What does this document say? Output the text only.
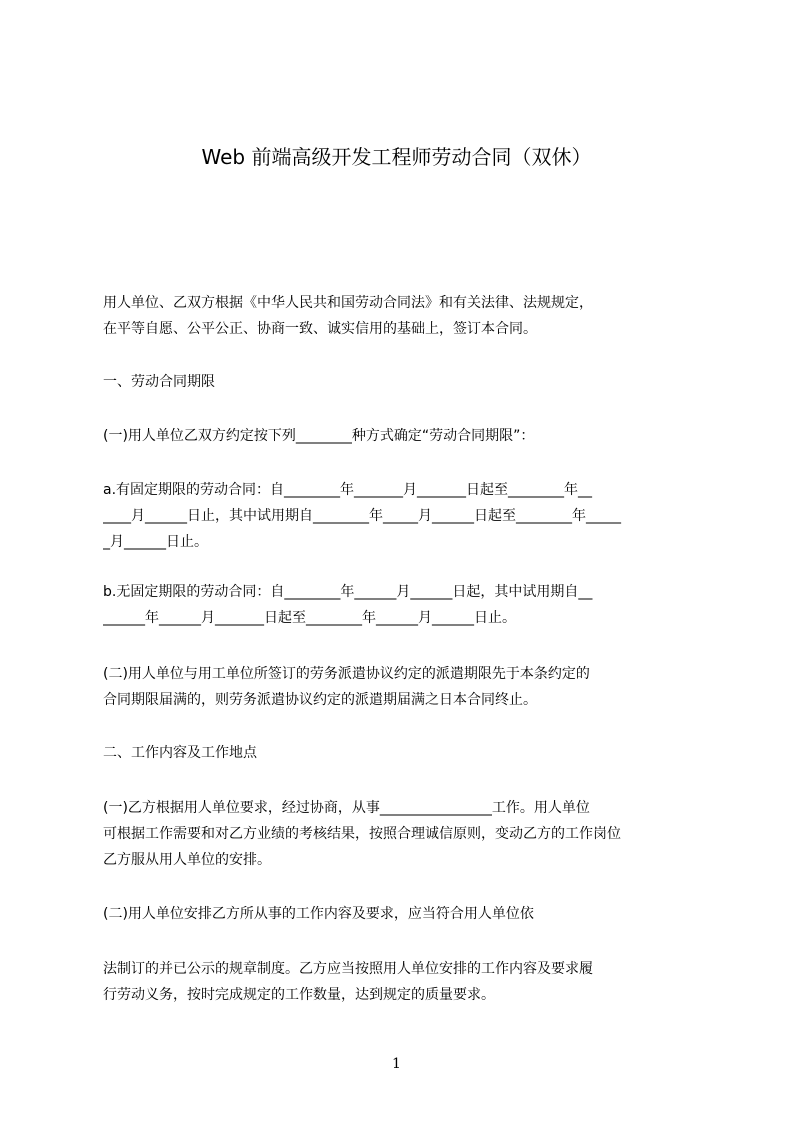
Web 前端高级开发工程师劳动合同（双休）
用人单位、乙双方根据《中华人民共和国劳动合同法》和有关法律、法规规定，
在平等自愿、公平公正、协商一致、诚实信用的基础上，签订本合同。
一、劳动合同期限
(一)用人单位乙双方约定按下列________种方式确定“劳动合同期限”：
a.有固定期限的劳动合同：自________年_______月_______日起至________年__
____月______日止，其中试用期自________年_____月______日起至________年_____
_月______日止。
b.无固定期限的劳动合同：自________年______月______日起，其中试用期自__
______年______月_______日起至________年______月______日止。
(二)用人单位与用工单位所签订的劳务派遣协议约定的派遣期限先于本条约定的
合同期限届满的，则劳务派遣协议约定的派遣期届满之日本合同终止。
二、工作内容及工作地点
(一)乙方根据用人单位要求，经过协商，从事________________工作。用人单位
可根据工作需要和对乙方业绩的考核结果，按照合理诚信原则，变动乙方的工作岗位
乙方服从用人单位的安排。
(二)用人单位安排乙方所从事的工作内容及要求，应当符合用人单位依
法制订的并已公示的规章制度。乙方应当按照用人单位安排的工作内容及要求履
行劳动义务，按时完成规定的工作数量，达到规定的质量要求。
1
